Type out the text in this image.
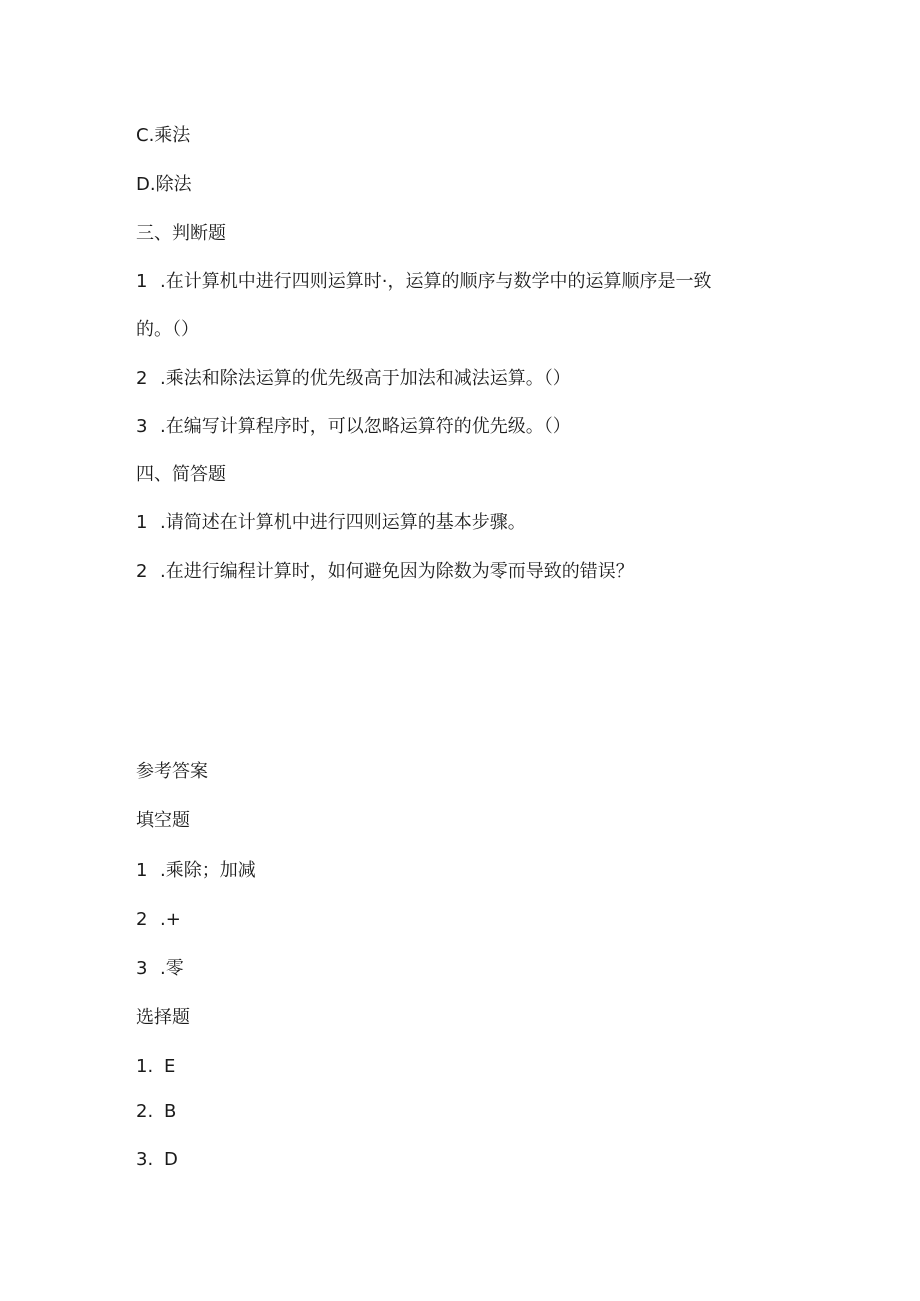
C.乘法
D.除法
三、判断题
1 .在计算机中进行四则运算时·，运算的顺序与数学中的运算顺序是一致
的。（）
2 .乘法和除法运算的优先级高于加法和减法运算。（）
3 .在编写计算程序时，可以忽略运算符的优先级。（）
四、简答题
1 .请简述在计算机中进行四则运算的基本步骤。
2 .在进行编程计算时，如何避免因为除数为零而导致的错误？
参考答案
填空题
1 .乘除；加减
2 .+
3 .零
选择题
1. E
2. B
3. D
